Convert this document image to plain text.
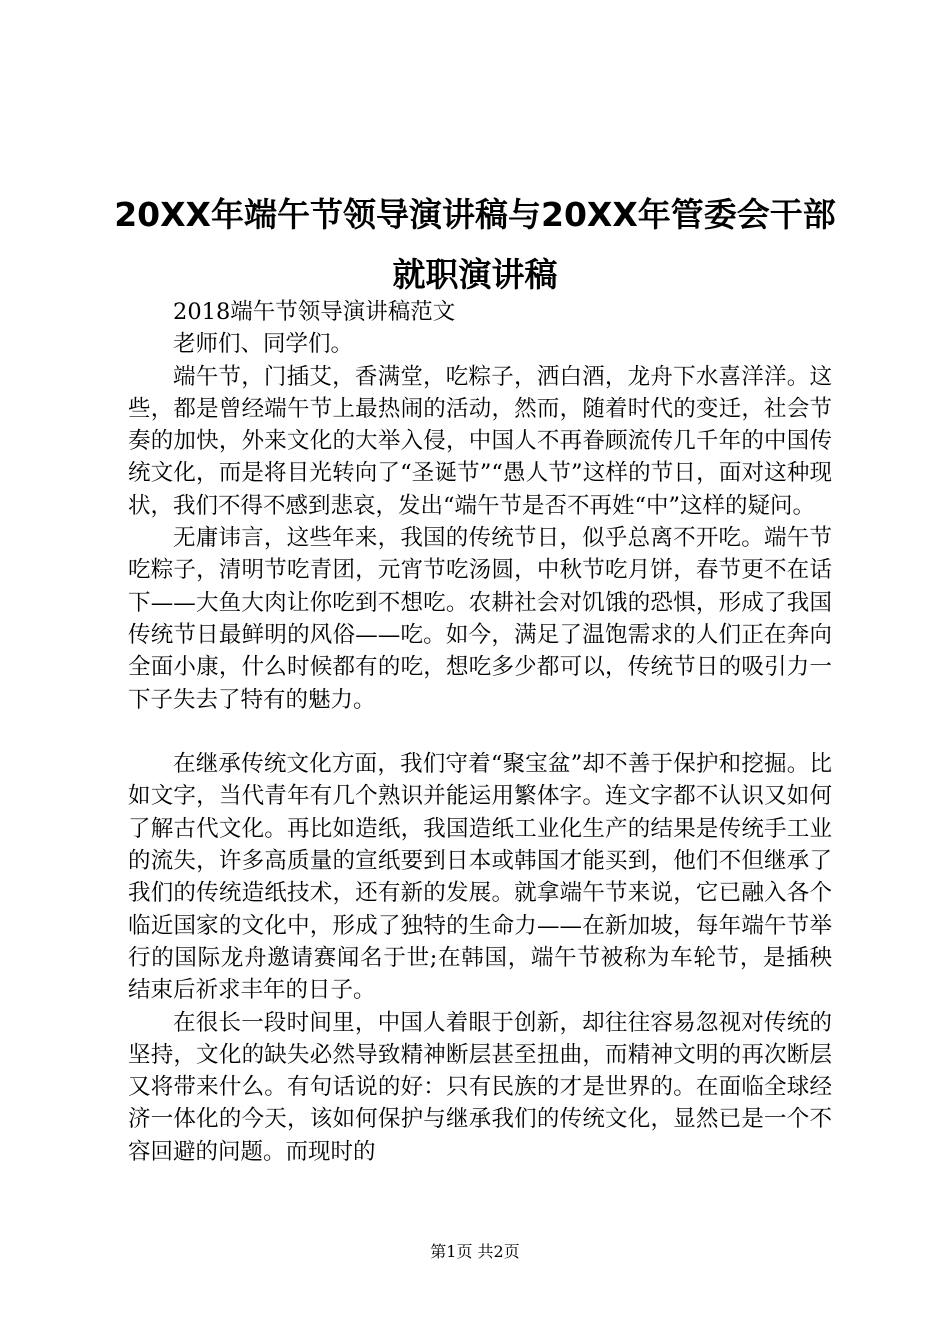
20XX年端午节领导演讲稿与20XX年管委会干部就职演讲稿

2018端午节领导演讲稿范文

老师们、同学们。

端午节，门插艾，香满堂，吃粽子，洒白酒，龙舟下水喜洋洋。这些，都是曾经端午节上最热闹的活动，然而，随着时代的变迁，社会节奏的加快，外来文化的大举入侵，中国人不再眷顾流传几千年的中国传统文化，而是将目光转向了“圣诞节”“愚人节”这样的节日，面对这种现状，我们不得不感到悲哀，发出“端午节是否不再姓“中”这样的疑问。

无庸讳言，这些年来，我国的传统节日，似乎总离不开吃。端午节吃粽子，清明节吃青团，元宵节吃汤圆，中秋节吃月饼，春节更不在话下——大鱼大肉让你吃到不想吃。农耕社会对饥饿的恐惧，形成了我国传统节日最鲜明的风俗——吃。如今，满足了温饱需求的人们正在奔向全面小康，什么时候都有的吃，想吃多少都可以，传统节日的吸引力一下子失去了特有的魅力。

在继承传统文化方面，我们守着“聚宝盆”却不善于保护和挖掘。比如文字，当代青年有几个熟识并能运用繁体字。连文字都不认识又如何了解古代文化。再比如造纸，我国造纸工业化生产的结果是传统手工业的流失，许多高质量的宣纸要到日本或韩国才能买到，他们不但继承了我们的传统造纸技术，还有新的发展。就拿端午节来说，它已融入各个临近国家的文化中，形成了独特的生命力——在新加坡，每年端午节举行的国际龙舟邀请赛闻名于世;在韩国，端午节被称为车轮节，是插秧结束后祈求丰年的日子。

在很长一段时间里，中国人着眼于创新，却往往容易忽视对传统的坚持，文化的缺失必然导致精神断层甚至扭曲，而精神文明的再次断层又将带来什么。有句话说的好：只有民族的才是世界的。在面临全球经济一体化的今天，该如何保护与继承我们的传统文化，显然已是一个不容回避的问题。而现时的

第1页 共2页
